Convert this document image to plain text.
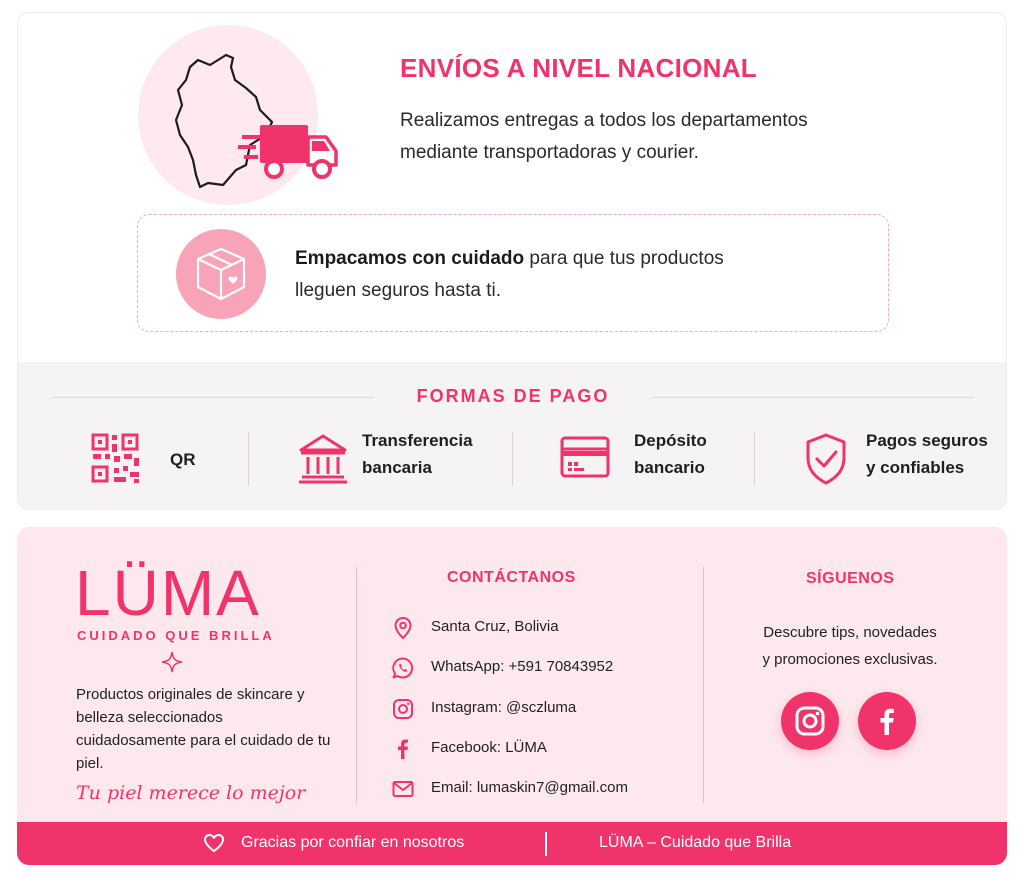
ENVÍOS A NIVEL NACIONAL
Realizamos entregas a todos los departamentos mediante transportadoras y courier.
Empacamos con cuidado para que tus productos
lleguen seguros hasta ti.
FORMAS DE PAGO
QR
Transferencia
bancaria
Depósito
bancario
Pagos seguros
y confiables
LÜMA
CUIDADO QUE BRILLA
Productos originales de skincare y belleza seleccionados cuidadosamente para el cuidado de tu piel.
Tu piel merece lo mejor
CONTÁCTANOS
Santa Cruz, Bolivia
WhatsApp: +591 70843952
Instagram: @sczluma
Facebook: LÜMA
Email: lumaskin7@gmail.com
SÍGUENOS
Descubre tips, novedades
y promociones exclusivas.
Gracias por confiar en nosotros	LÜMA – Cuidado que Brilla
